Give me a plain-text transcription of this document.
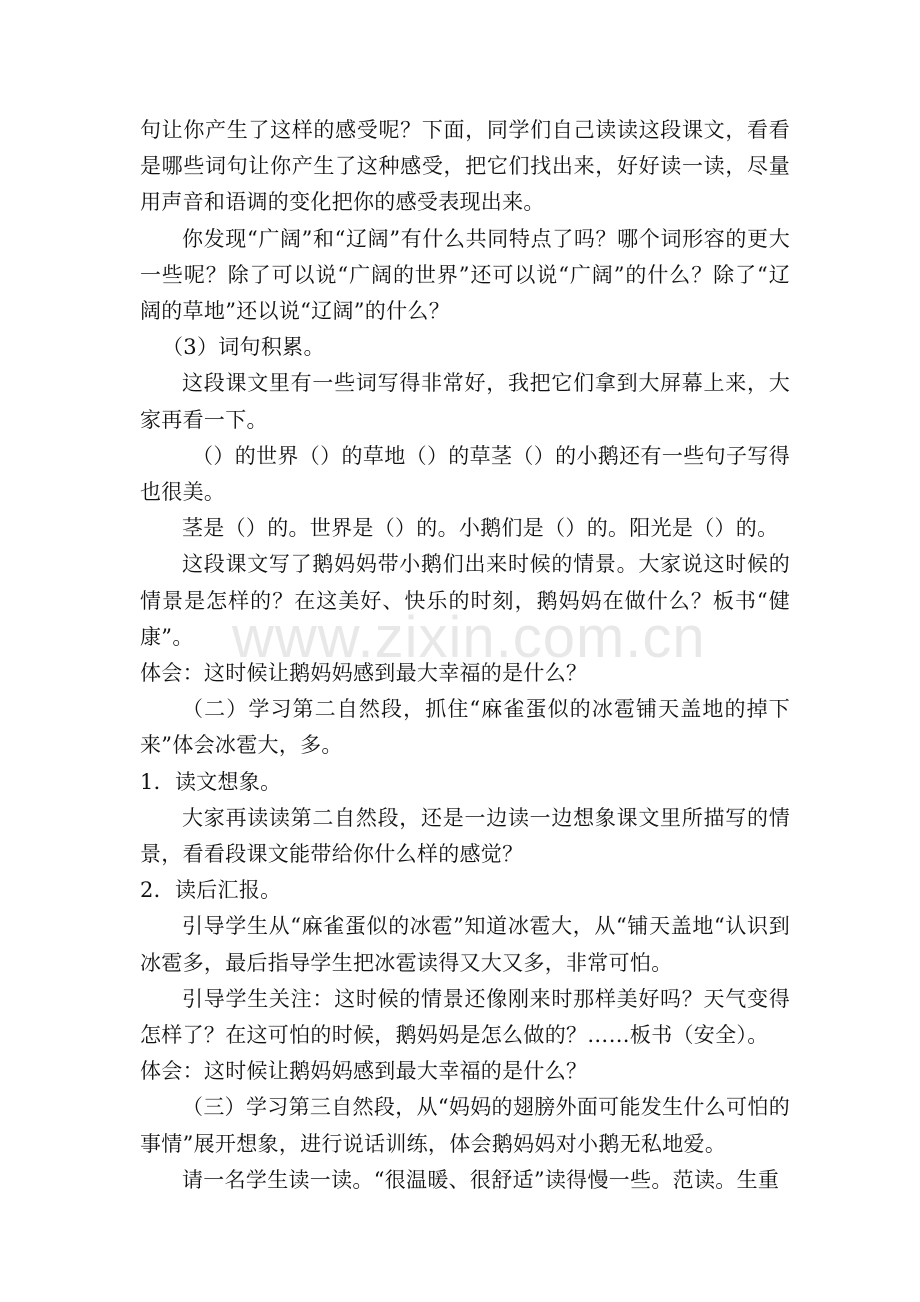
www.zixin.com.cn

句让你产生了这样的感受呢？下面，同学们自己读读这段课文，看看是哪些词句让你产生了这种感受，把它们找出来，好好读一读，尽量用声音和语调的变化把你的感受表现出来。

你发现“广阔”和“辽阔”有什么共同特点了吗？哪个词形容的更大一些呢？除了可以说“广阔的世界”还可以说“广阔”的什么？除了“辽阔的草地”还以说“辽阔”的什么？

（3）词句积累。

这段课文里有一些词写得非常好，我把它们拿到大屏幕上来，大家再看一下。

（）的世界（）的草地（）的草茎（）的小鹅还有一些句子写得也很美。

茎是（）的。世界是（）的。小鹅们是（）的。阳光是（）的。

这段课文写了鹅妈妈带小鹅们出来时候的情景。大家说这时候的情景是怎样的？在这美好、快乐的时刻，鹅妈妈在做什么？板书“健康”。

体会：这时候让鹅妈妈感到最大幸福的是什么？

（二）学习第二自然段，抓住“麻雀蛋似的冰雹铺天盖地的掉下来”体会冰雹大，多。

1．读文想象。

大家再读读第二自然段，还是一边读一边想象课文里所描写的情景，看看段课文能带给你什么样的感觉？

2．读后汇报。

引导学生从“麻雀蛋似的冰雹”知道冰雹大，从“铺天盖地“认识到冰雹多，最后指导学生把冰雹读得又大又多，非常可怕。

引导学生关注：这时候的情景还像刚来时那样美好吗？天气变得怎样了？在这可怕的时候，鹅妈妈是怎么做的？……板书（安全）。

体会：这时候让鹅妈妈感到最大幸福的是什么？

（三）学习第三自然段，从“妈妈的翅膀外面可能发生什么可怕的事情”展开想象，进行说话训练，体会鹅妈妈对小鹅无私地爱。

请一名学生读一读。“很温暖、很舒适”读得慢一些。范读。生重
